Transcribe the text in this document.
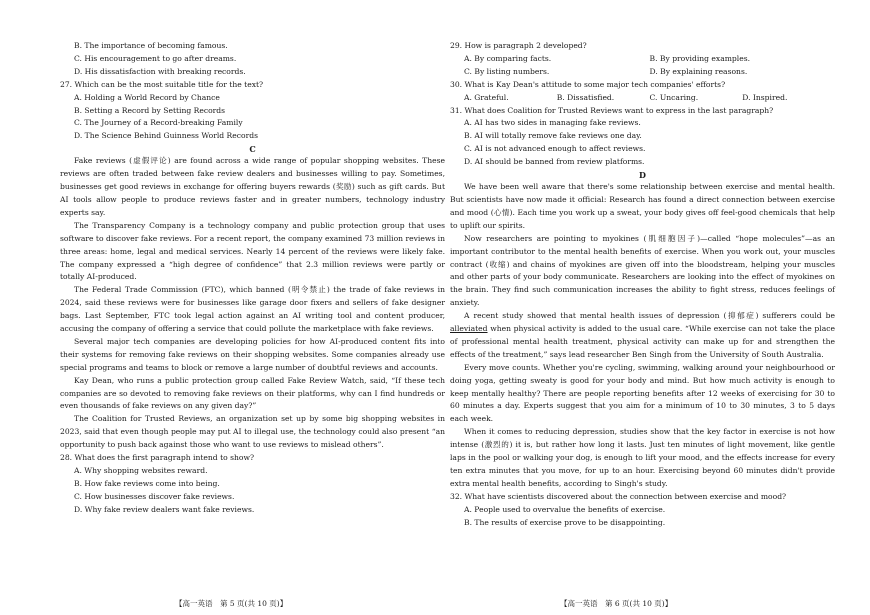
B. The importance of becoming famous.
C. His encouragement to go after dreams.
D. His dissatisfaction with breaking records.
27. Which can be the most suitable title for the text?
A. Holding a World Record by Chance
B. Setting a Record by Setting Records
C. The Journey of a Record-breaking Family
D. The Science Behind Guinness World Records
C

Fake reviews (虚假评论) are found across a wide range of popular shopping websites. These reviews are often traded between fake review dealers and businesses willing to pay. Sometimes, businesses get good reviews in exchange for offering buyers rewards (奖励) such as gift cards. But AI tools allow people to produce reviews faster and in greater numbers, technology industry experts say.

The Transparency Company is a technology company and public protection group that uses software to discover fake reviews. For a recent report, the company examined 73 million reviews in three areas: home, legal and medical services. Nearly 14 percent of the reviews were likely fake. The company expressed a “high degree of confidence” that 2.3 million reviews were partly or totally AI-produced.

The Federal Trade Commission (FTC), which banned (明令禁止) the trade of fake reviews in 2024, said these reviews were for businesses like garage door fixers and sellers of fake designer bags. Last September, FTC took legal action against an AI writing tool and content producer, accusing the company of offering a service that could pollute the marketplace with fake reviews.

Several major tech companies are developing policies for how AI-produced content fits into their systems for removing fake reviews on their shopping websites. Some companies already use special programs and teams to block or remove a large number of doubtful reviews and accounts.

Kay Dean, who runs a public protection group called Fake Review Watch, said, “If these tech companies are so devoted to removing fake reviews on their platforms, why can I find hundreds or even thousands of fake reviews on any given day?”

The Coalition for Trusted Reviews, an organization set up by some big shopping websites in 2023, said that even though people may put AI to illegal use, the technology could also present “an opportunity to push back against those who want to use reviews to mislead others”.

28. What does the first paragraph intend to show?
A. Why shopping websites reward.
B. How fake reviews come into being.
C. How businesses discover fake reviews.
D. Why fake review dealers want fake reviews.
29. How is paragraph 2 developed?
A. By comparing facts.	B. By providing examples.
C. By listing numbers.	D. By explaining reasons.
30. What is Kay Dean's attitude to some major tech companies' efforts?
A. Grateful.	B. Dissatisfied.	C. Uncaring.	D. Inspired.
31. What does Coalition for Trusted Reviews want to express in the last paragraph?
A. AI has two sides in managing fake reviews.
B. AI will totally remove fake reviews one day.
C. AI is not advanced enough to affect reviews.
D. AI should be banned from review platforms.
D

We have been well aware that there's some relationship between exercise and mental health. But scientists have now made it official: Research has found a direct connection between exercise and mood (心情). Each time you work up a sweat, your body gives off feel-good chemicals that help to uplift our spirits.

Now researchers are pointing to myokines (肌细胞因子)—called “hope molecules”—as an important contributor to the mental health benefits of exercise. When you work out, your muscles contract (收缩) and chains of myokines are given off into the bloodstream, helping your muscles and other parts of your body communicate. Researchers are looking into the effect of myokines on the brain. They find such communication increases the ability to fight stress, reduces feelings of anxiety.

A recent study showed that mental health issues of depression (抑郁症) sufferers could be alleviated when physical activity is added to the usual care. “While exercise can not take the place of professional mental health treatment, physical activity can make up for and strengthen the effects of the treatment,” says lead researcher Ben Singh from the University of South Australia.

Every move counts. Whether you're cycling, swimming, walking around your neighbourhood or doing yoga, getting sweaty is good for your body and mind. But how much activity is enough to keep mentally healthy? There are people reporting benefits after 12 weeks of exercising for 30 to 60 minutes a day. Experts suggest that you aim for a minimum of 10 to 30 minutes, 3 to 5 days each week.

When it comes to reducing depression, studies show that the key factor in exercise is not how intense (激烈的) it is, but rather how long it lasts. Just ten minutes of light movement, like gentle laps in the pool or walking your dog, is enough to lift your mood, and the effects increase for every ten extra minutes that you move, for up to an hour. Exercising beyond 60 minutes didn't provide extra mental health benefits, according to Singh's study.

32. What have scientists discovered about the connection between exercise and mood?
A. People used to overvalue the benefits of exercise.
B. The results of exercise prove to be disappointing.
【高一英语　第 5 页(共 10 页)】	【高一英语　第 6 页(共 10 页)】
